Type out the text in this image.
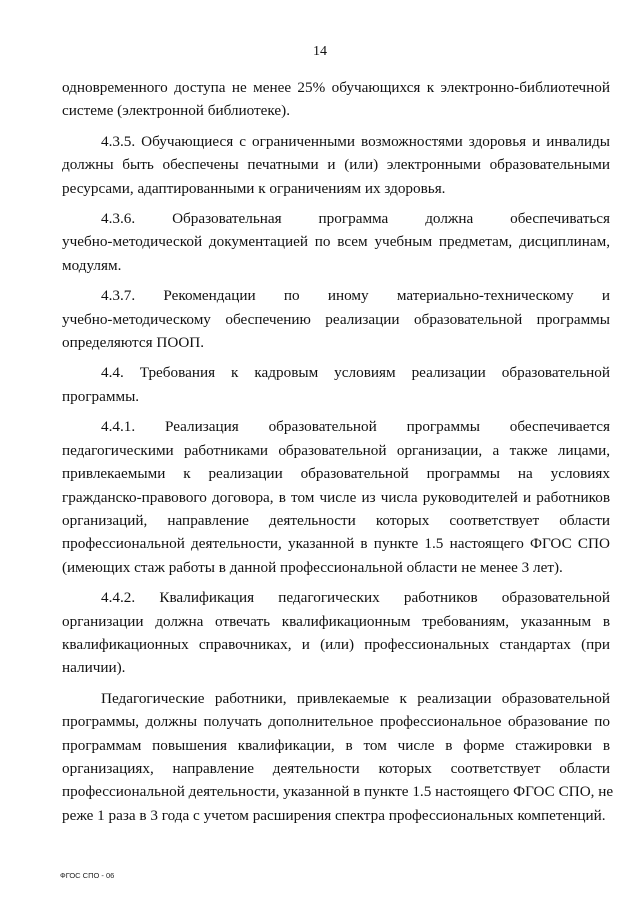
14

одновременного доступа не менее 25% обучающихся к электронно-библиотечной
системе (электронной библиотеке).

4.3.5. Обучающиеся с ограниченными возможностями здоровья и инвалиды
должны быть обеспечены печатными и (или) электронными образовательными
ресурсами, адаптированными к ограничениям их здоровья.

4.3.6. Образовательная программа должна обеспечиваться
учебно-методической документацией по всем учебным предметам, дисциплинам,
модулям.

4.3.7. Рекомендации по иному материально-техническому и
учебно-методическому обеспечению реализации образовательной программы
определяются ПООП.

4.4. Требования к кадровым условиям реализации образовательной
программы.

4.4.1. Реализация образовательной программы обеспечивается
педагогическими работниками образовательной организации, а также лицами,
привлекаемыми к реализации образовательной программы на условиях
гражданско-правового договора, в том числе из числа руководителей и работников
организаций, направление деятельности которых соответствует области
профессиональной деятельности, указанной в пункте 1.5 настоящего ФГОС СПО
(имеющих стаж работы в данной профессиональной области не менее 3 лет).

4.4.2. Квалификация педагогических работников образовательной
организации должна отвечать квалификационным требованиям, указанным в
квалификационных справочниках, и (или) профессиональных стандартах (при
наличии).

Педагогические работники, привлекаемые к реализации образовательной
программы, должны получать дополнительное профессиональное образование по
программам повышения квалификации, в том числе в форме стажировки в
организациях, направление деятельности которых соответствует области
профессиональной деятельности, указанной в пункте 1.5 настоящего ФГОС СПО, не
реже 1 раза в 3 года с учетом расширения спектра профессиональных компетенций.

ФГОС СПО - 06
